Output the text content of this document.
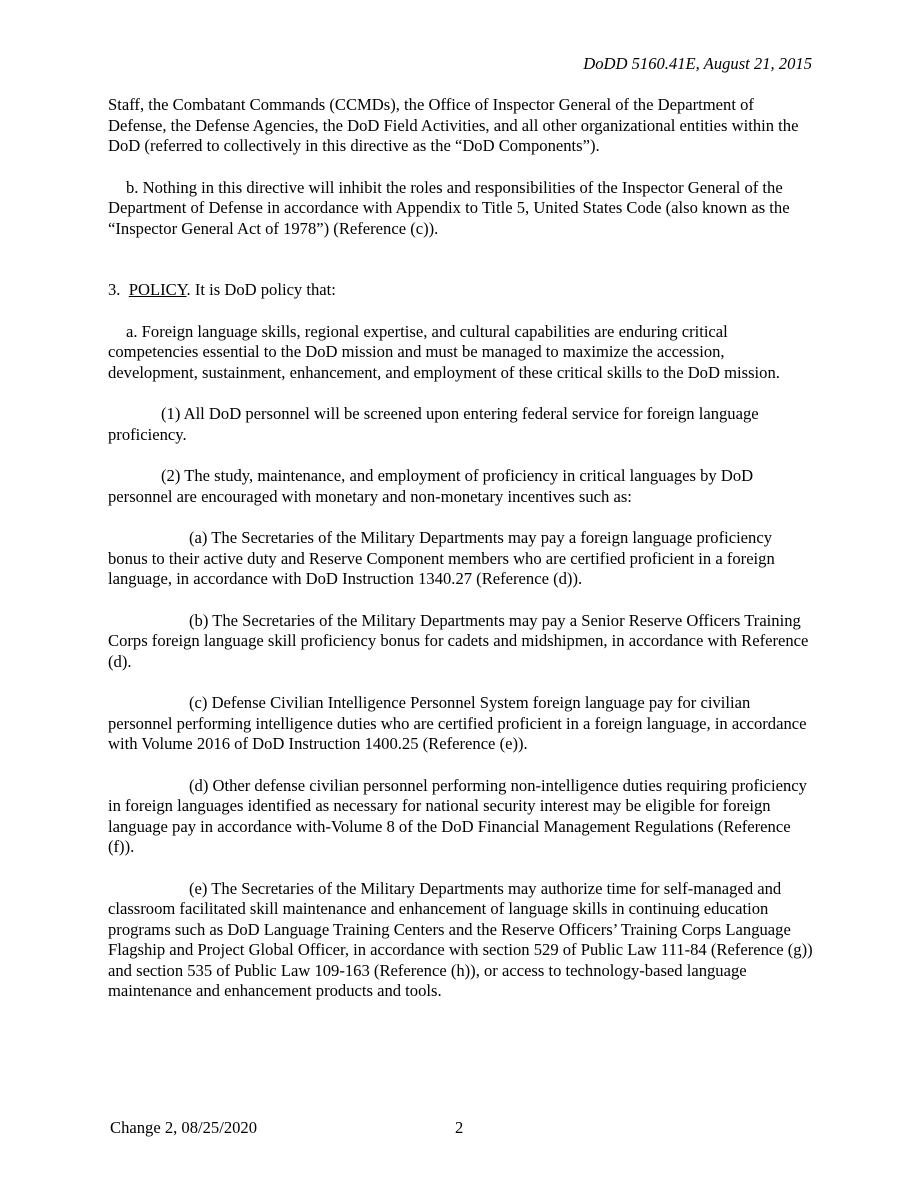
DoDD 5160.41E, August 21, 2015

Staff, the Combatant Commands (CCMDs), the Office of Inspector General of the Department of Defense, the Defense Agencies, the DoD Field Activities, and all other organizational entities within the DoD (referred to collectively in this directive as the “DoD Components”).

b. Nothing in this directive will inhibit the roles and responsibilities of the Inspector General of the Department of Defense in accordance with Appendix to Title 5, United States Code (also known as the “Inspector General Act of 1978”) (Reference (c)).

3. POLICY. It is DoD policy that:

a. Foreign language skills, regional expertise, and cultural capabilities are enduring critical competencies essential to the DoD mission and must be managed to maximize the accession, development, sustainment, enhancement, and employment of these critical skills to the DoD mission.

(1) All DoD personnel will be screened upon entering federal service for foreign language proficiency.

(2) The study, maintenance, and employment of proficiency in critical languages by DoD personnel are encouraged with monetary and non-monetary incentives such as:

(a) The Secretaries of the Military Departments may pay a foreign language proficiency bonus to their active duty and Reserve Component members who are certified proficient in a foreign language, in accordance with DoD Instruction 1340.27 (Reference (d)).

(b) The Secretaries of the Military Departments may pay a Senior Reserve Officers Training Corps foreign language skill proficiency bonus for cadets and midshipmen, in accordance with Reference (d).

(c) Defense Civilian Intelligence Personnel System foreign language pay for civilian personnel performing intelligence duties who are certified proficient in a foreign language, in accordance with Volume 2016 of DoD Instruction 1400.25 (Reference (e)).

(d) Other defense civilian personnel performing non-intelligence duties requiring proficiency in foreign languages identified as necessary for national security interest may be eligible for foreign language pay in accordance with-Volume 8 of the DoD Financial Management Regulations (Reference (f)).

(e) The Secretaries of the Military Departments may authorize time for self-managed and classroom facilitated skill maintenance and enhancement of language skills in continuing education programs such as DoD Language Training Centers and the Reserve Officers’ Training Corps Language Flagship and Project Global Officer, in accordance with section 529 of Public Law 111-84 (Reference (g)) and section 535 of Public Law 109-163 (Reference (h)), or access to technology-based language maintenance and enhancement products and tools.

Change 2, 08/25/2020	2
